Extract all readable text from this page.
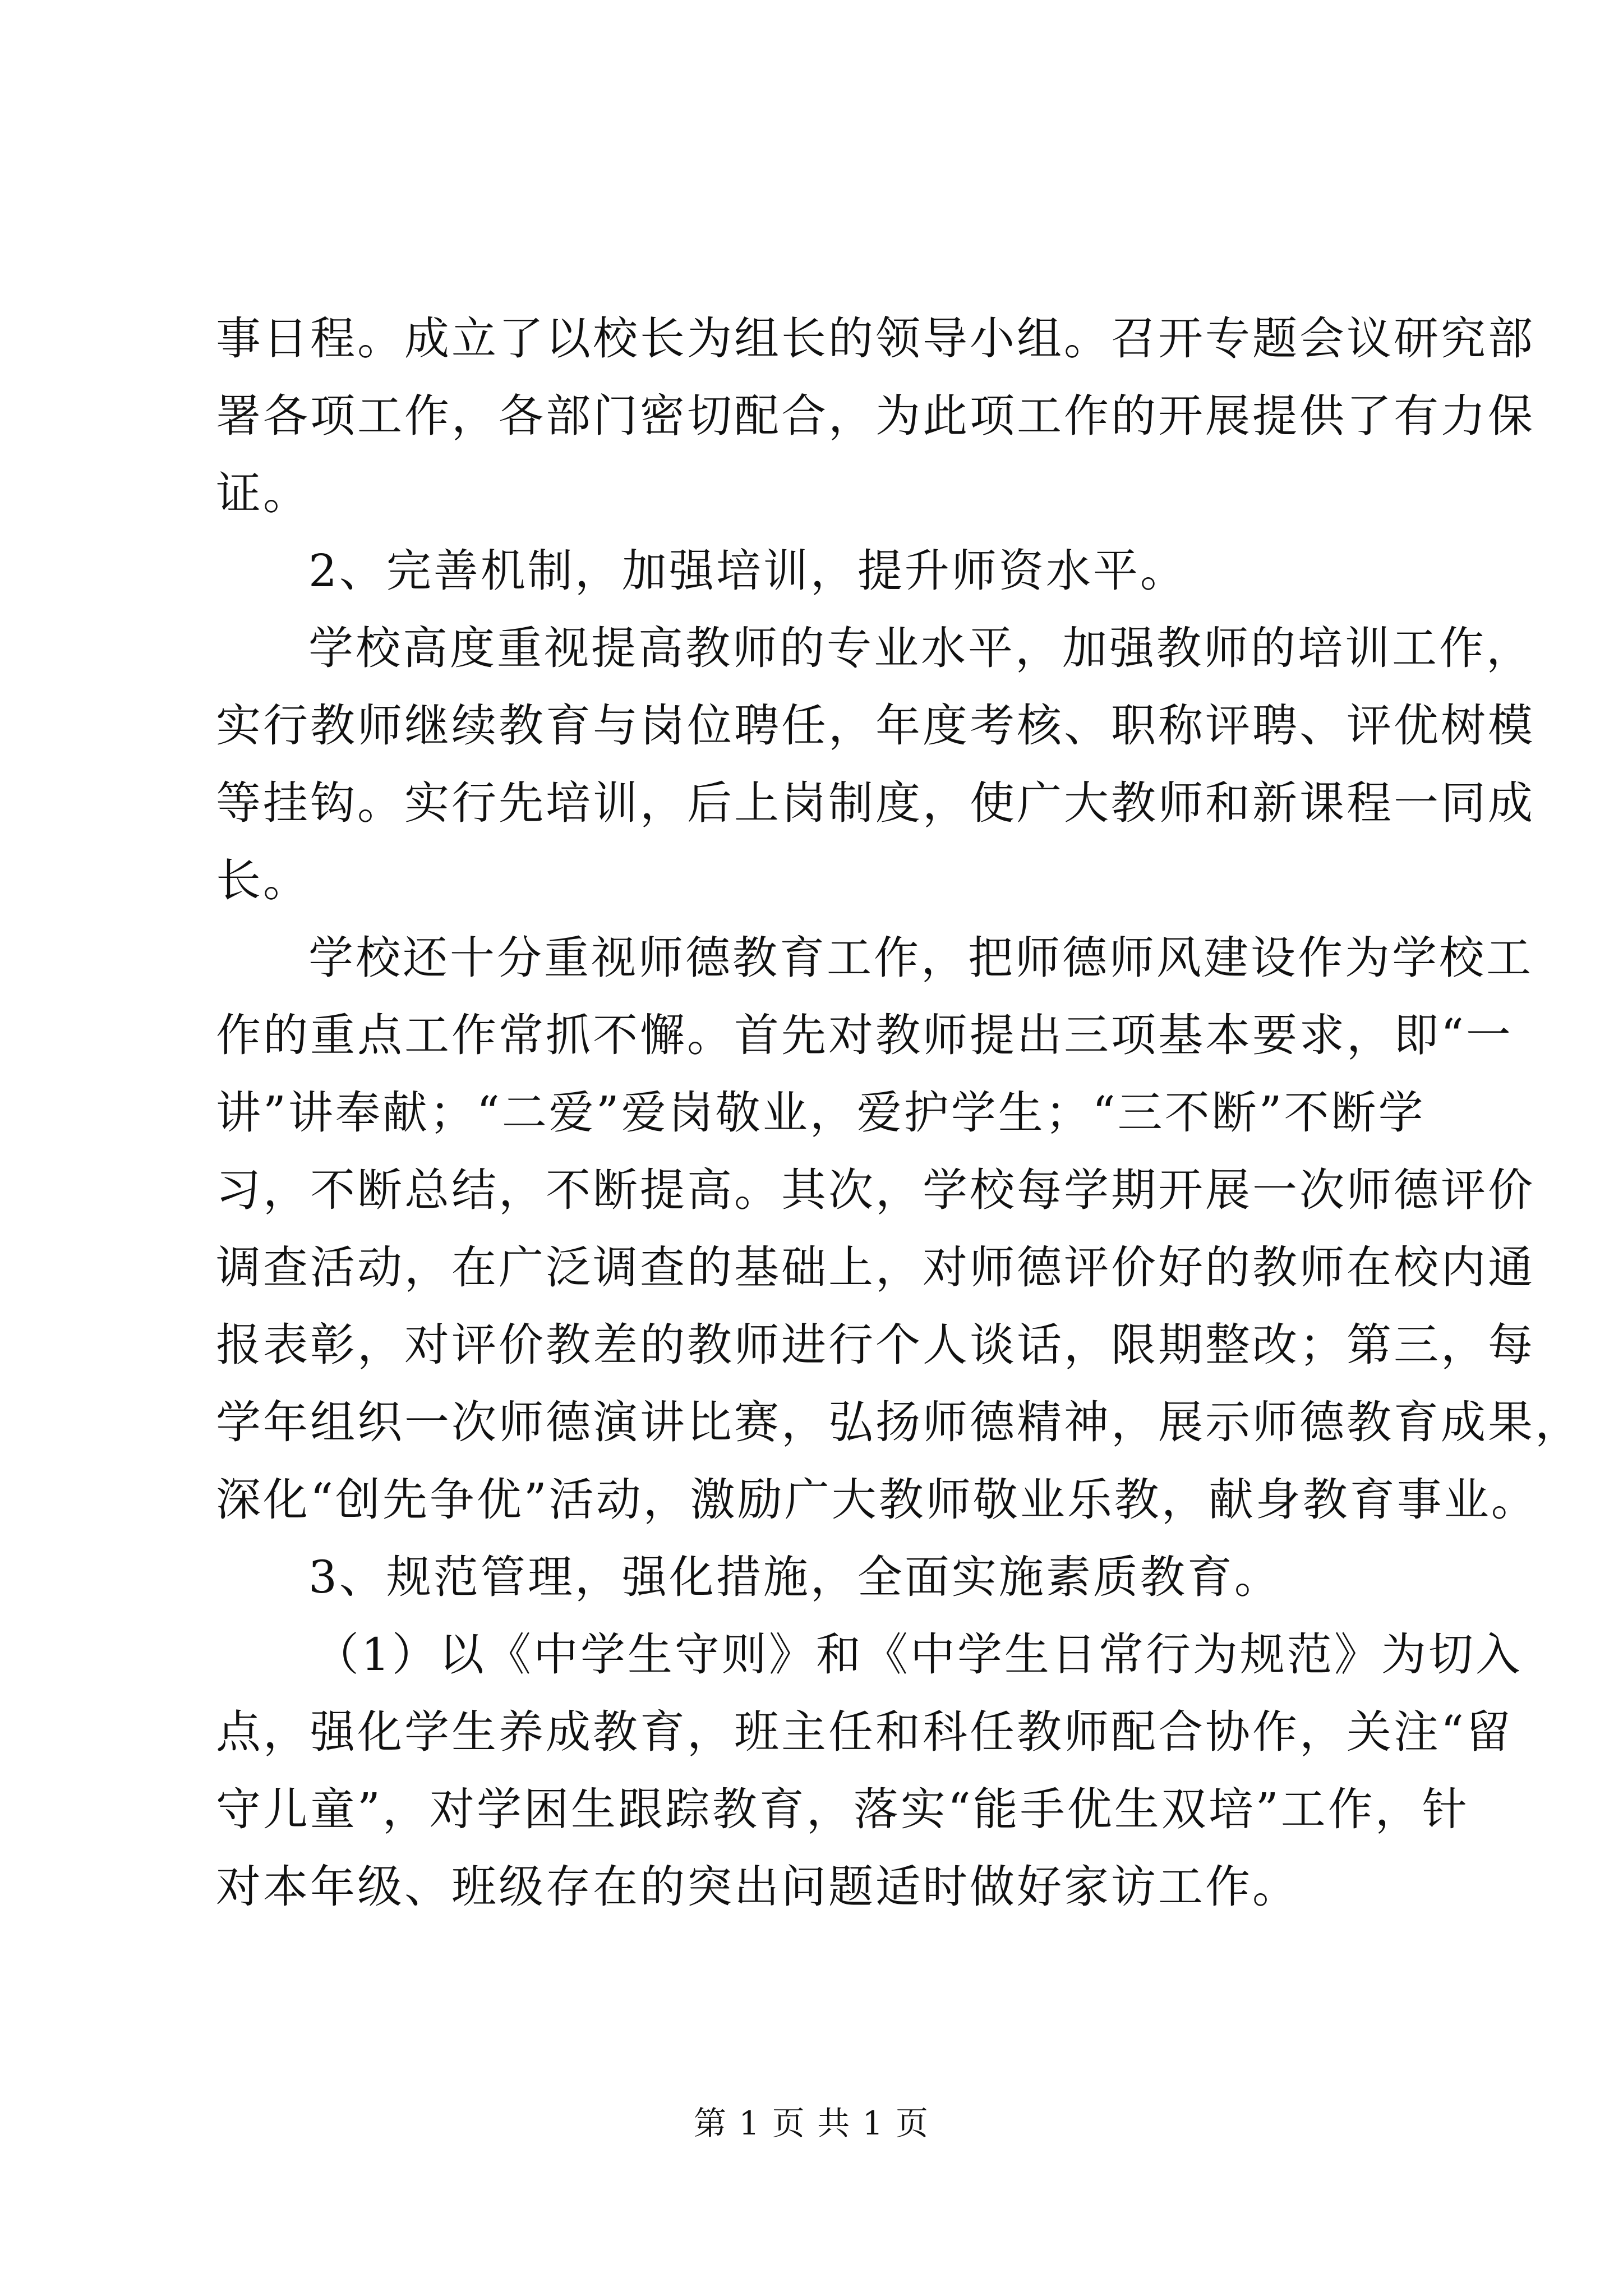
事日程。成立了以校长为组长的领导小组。召开专题会议研究部
署各项工作，各部门密切配合，为此项工作的开展提供了有力保
证。
2、完善机制，加强培训，提升师资水平。
学校高度重视提高教师的专业水平，加强教师的培训工作，
实行教师继续教育与岗位聘任，年度考核、职称评聘、评优树模
等挂钩。实行先培训，后上岗制度，使广大教师和新课程一同成
长。
学校还十分重视师德教育工作，把师德师风建设作为学校工
作的重点工作常抓不懈。首先对教师提出三项基本要求，即“一
讲”讲奉献；“二爱”爱岗敬业，爱护学生；“三不断”不断学
习，不断总结，不断提高。其次，学校每学期开展一次师德评价
调查活动，在广泛调查的基础上，对师德评价好的教师在校内通
报表彰，对评价教差的教师进行个人谈话，限期整改；第三，每
学年组织一次师德演讲比赛，弘扬师德精神，展示师德教育成果，
深化“创先争优”活动，激励广大教师敬业乐教，献身教育事业。
3、规范管理，强化措施，全面实施素质教育。
（1）以《中学生守则》和《中学生日常行为规范》为切入
点，强化学生养成教育，班主任和科任教师配合协作，关注“留
守儿童”，对学困生跟踪教育，落实“能手优生双培”工作，针
对本年级、班级存在的突出问题适时做好家访工作。
第 1 页 共 1 页
